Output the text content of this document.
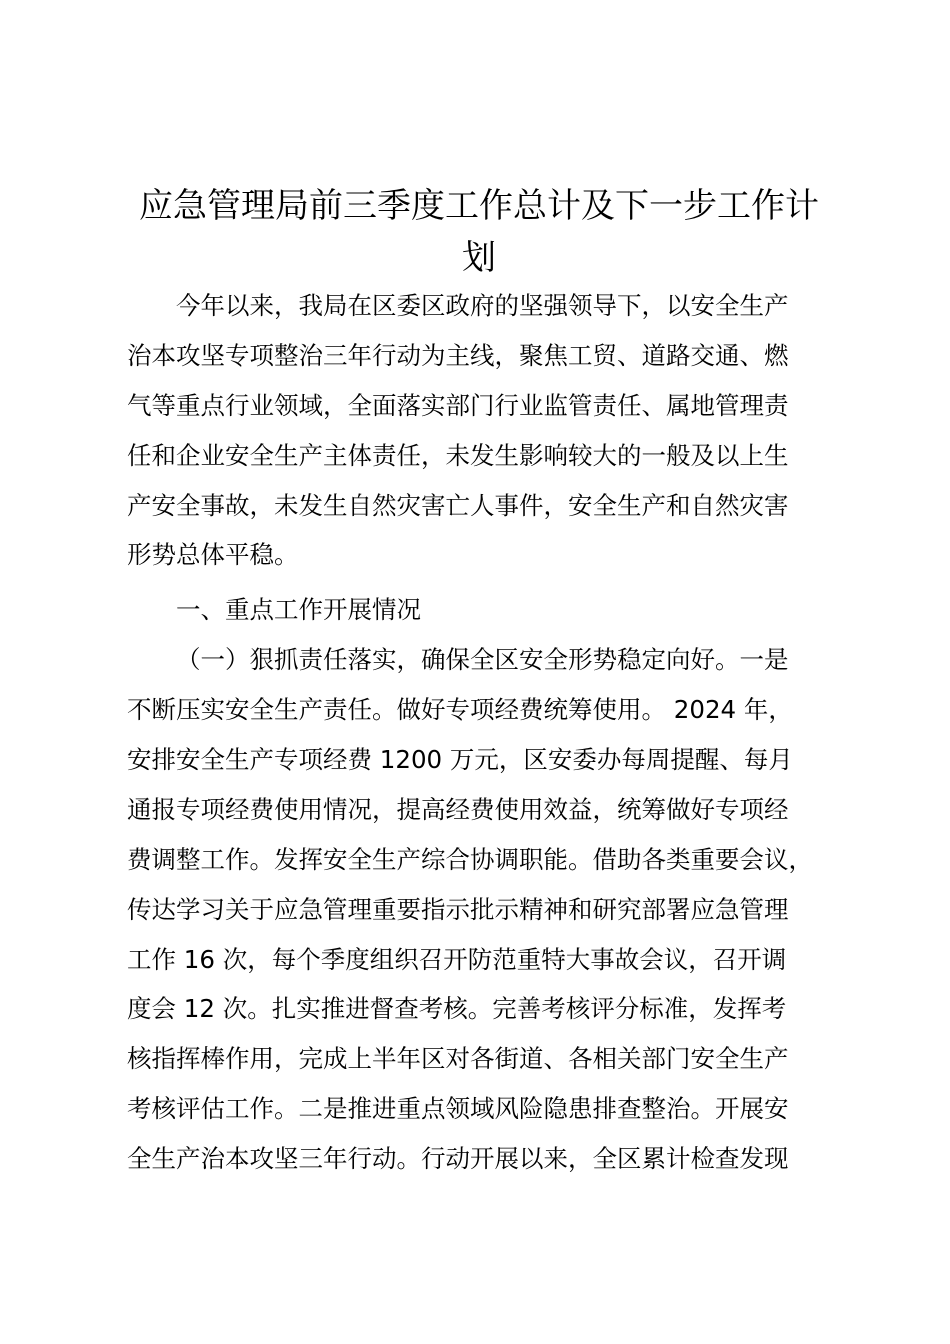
应急管理局前三季度工作总计及下一步工作计
划

今年以来，我局在区委区政府的坚强领导下，以安全生产

治本攻坚专项整治三年行动为主线，聚焦工贸、道路交通、燃

气等重点行业领域，全面落实部门行业监管责任、属地管理责

任和企业安全生产主体责任，未发生影响较大的一般及以上生

产安全事故，未发生自然灾害亡人事件，安全生产和自然灾害

形势总体平稳。

一、重点工作开展情况

（一）狠抓责任落实，确保全区安全形势稳定向好。一是

不断压实安全生产责任。做好专项经费统筹使用。 2024 年，

安排安全生产专项经费 1200 万元，区安委办每周提醒、每月

通报专项经费使用情况，提高经费使用效益，统筹做好专项经

费调整工作。发挥安全生产综合协调职能。借助各类重要会议，

传达学习关于应急管理重要指示批示精神和研究部署应急管理

工作 16 次，每个季度组织召开防范重特大事故会议，召开调

度会 12 次。扎实推进督查考核。完善考核评分标准，发挥考

核指挥棒作用，完成上半年区对各街道、各相关部门安全生产

考核评估工作。二是推进重点领域风险隐患排查整治。开展安

全生产治本攻坚三年行动。行动开展以来，全区累计检查发现
